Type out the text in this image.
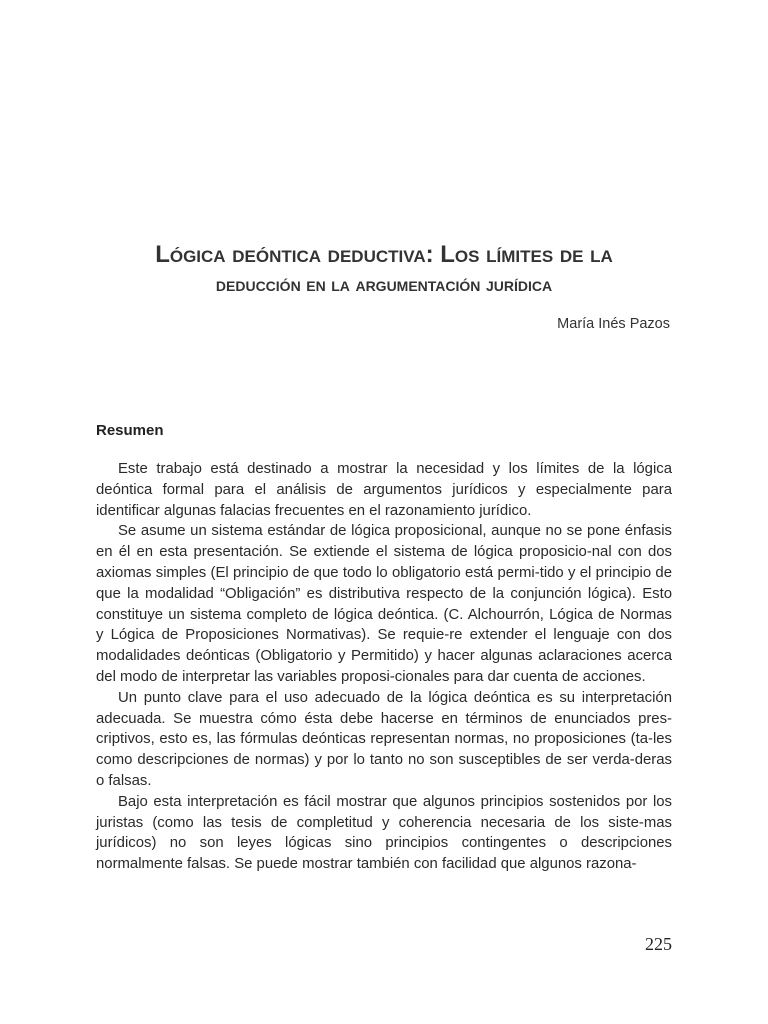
Lógica deóntica deductiva: Los límites de la
deducción en la argumentación jurídica
María Inés Pazos
Resumen

Este trabajo está destinado a mostrar la necesidad y los límites de la lógica deóntica formal para el análisis de argumentos jurídicos y especialmente para identificar algunas falacias frecuentes en el razonamiento jurídico.

Se asume un sistema estándar de lógica proposicional, aunque no se pone énfasis en él en esta presentación. Se extiende el sistema de lógica proposicio-nal con dos axiomas simples (El principio de que todo lo obligatorio está permi-tido y el principio de que la modalidad “Obligación” es distributiva respecto de la conjunción lógica). Esto constituye un sistema completo de lógica deóntica. (C. Alchourrón, Lógica de Normas y Lógica de Proposiciones Normativas). Se requie-re extender el lenguaje con dos modalidades deónticas (Obligatorio y Permitido) y hacer algunas aclaraciones acerca del modo de interpretar las variables proposi-cionales para dar cuenta de acciones.

Un punto clave para el uso adecuado de la lógica deóntica es su interpretación adecuada. Se muestra cómo ésta debe hacerse en términos de enunciados pres-criptivos, esto es, las fórmulas deónticas representan normas, no proposiciones (ta-les como descripciones de normas) y por lo tanto no son susceptibles de ser verda-deras o falsas.

Bajo esta interpretación es fácil mostrar que algunos principios sostenidos por los juristas (como las tesis de completitud y coherencia necesaria de los siste-mas jurídicos) no son leyes lógicas sino principios contingentes o descripciones normalmente falsas. Se puede mostrar también con facilidad que algunos razona-

225
